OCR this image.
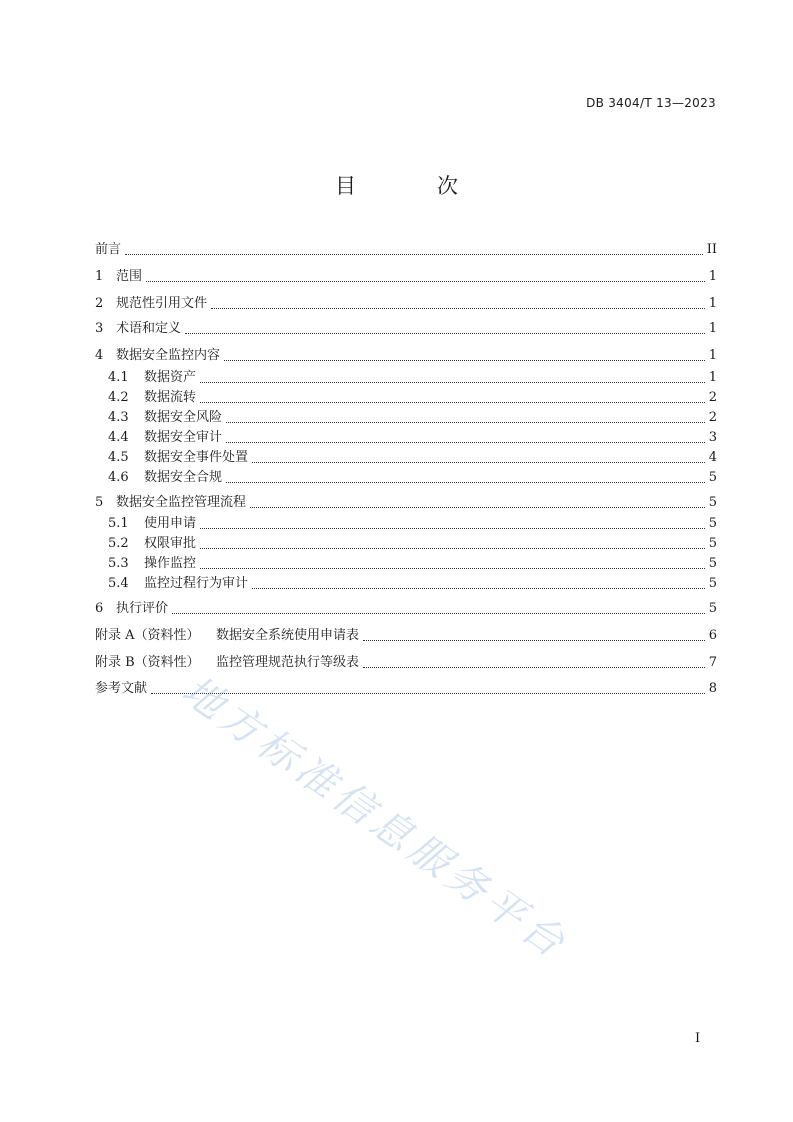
DB 3404/T 13—2023
目　次
前言	II
1 范围	1
2 规范性引用文件	1
3 术语和定义	1
4 数据安全监控内容	1
4.1	数据资产	1
4.2	数据流转	2
4.3	数据安全风险	2
4.4	数据安全审计	3
4.5	数据安全事件处置	4
4.6	数据安全合规	5
5 数据安全监控管理流程	5
5.1	使用申请	5
5.2	权限审批	5
5.3	操作监控	5
5.4	监控过程行为审计	5
6 执行评价	5
附录 A（资料性）	数据安全系统使用申请表	6
附录 B（资料性）	监控管理规范执行等级表	7
参考文献	8
地方标准信息服务平台
I
